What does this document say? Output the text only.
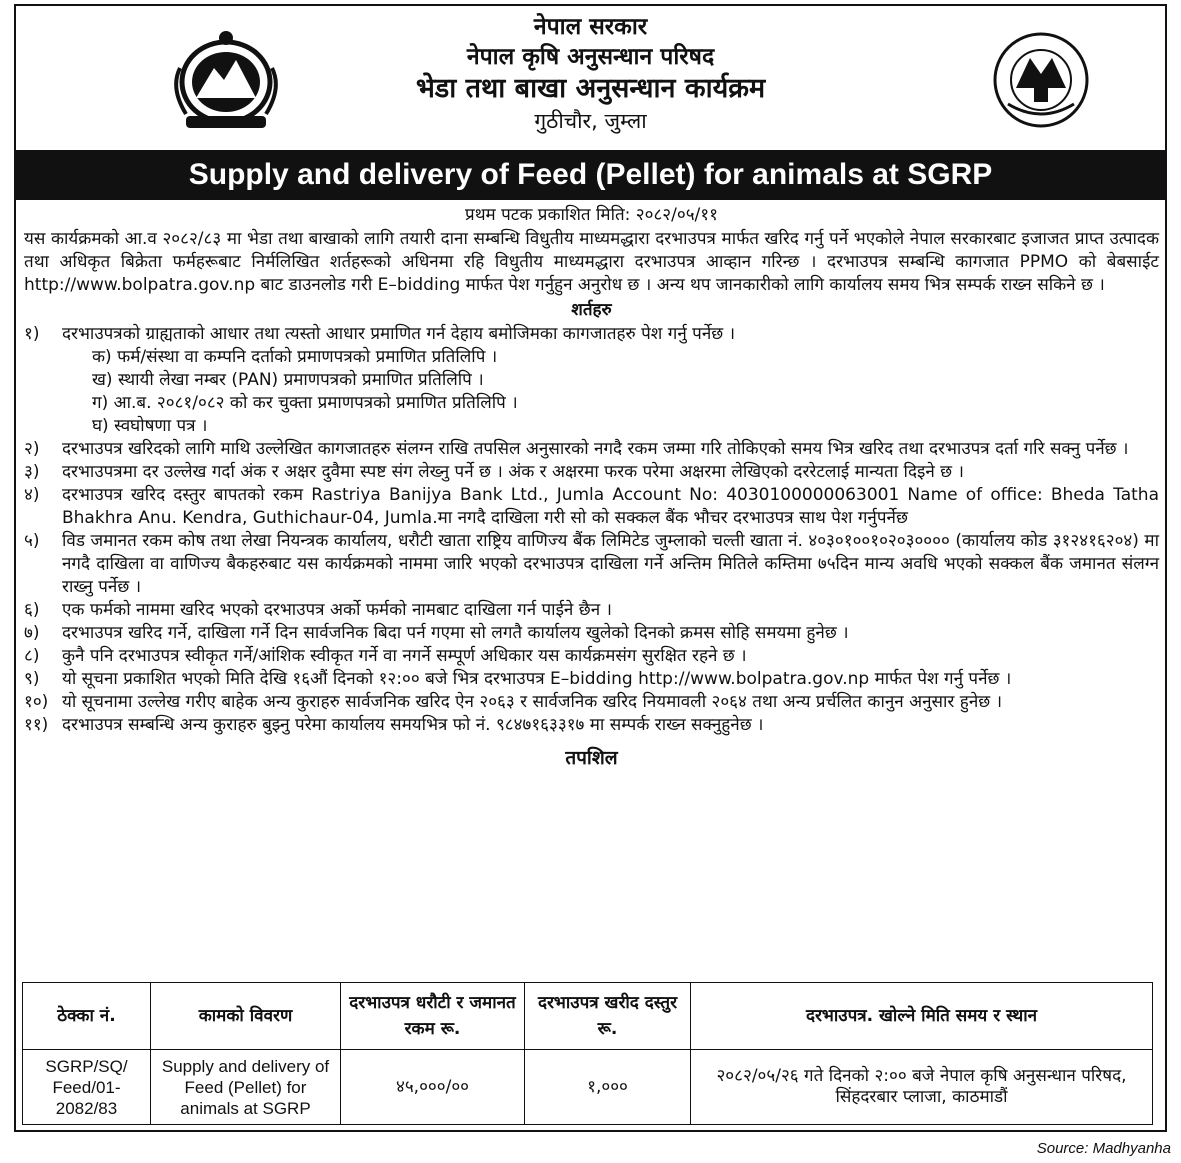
नेपाल सरकार
नेपाल कृषि अनुसन्धान परिषद
भेडा तथा बाखा अनुसन्धान कार्यक्रम
गुठीचौर, जुम्ला
Supply and delivery of Feed (Pellet) for animals at SGRP
प्रथम पटक प्रकाशित मिति: २०८२/०५/११
यस कार्यक्रमको आ.व २०८२/८३ मा भेडा तथा बाखाको लागि तयारी दाना सम्बन्धि विधुतीय माध्यमद्धारा दरभाउपत्र मार्फत खरिद गर्नु पर्ने भएकोले नेपाल सरकारबाट इजाजत प्राप्त उत्पादक तथा अधिकृत बिक्रेता फर्महरूबाट निर्मलिखित शर्तहरूको अधिनमा रहि विधुतीय माध्यमद्धारा दरभाउपत्र आव्हान गरिन्छ । दरभाउपत्र सम्बन्धि कागजात PPMO को बेबसाईट http://www.bolpatra.gov.np बाट डाउनलोड गरी E–bidding मार्फत पेश गर्नुहुन अनुरोध छ । अन्य थप जानकारीको लागि कार्यालय समय भित्र सम्पर्क राख्न सकिने छ ।
शर्तहरु
१)	दरभाउपत्रको ग्राह्यताको आधार तथा त्यस्तो आधार प्रमाणित गर्न देहाय बमोजिमका कागजातहरु पेश गर्नु पर्नेछ ।
क) फर्म/संस्था वा कम्पनि दर्ताको प्रमाणपत्रको प्रमाणित प्रतिलिपि ।
ख) स्थायी लेखा नम्बर (PAN) प्रमाणपत्रको प्रमाणित प्रतिलिपि ।
ग) आ.ब. २०८१/०८२ को कर चुक्ता प्रमाणपत्रको प्रमाणित प्रतिलिपि ।
घ) स्वघोषणा पत्र ।
२)	दरभाउपत्र खरिदको लागि माथि उल्लेखित कागजातहरु संलग्न राखि तपसिल अनुसारको नगदै रकम जम्मा गरि तोकिएको समय भित्र खरिद तथा दरभाउपत्र दर्ता गरि सक्नु पर्नेछ ।
३)	दरभाउपत्रमा दर उल्लेख गर्दा अंक र अक्षर दुवैमा स्पष्ट संग लेख्नु पर्ने छ । अंक र अक्षरमा फरक परेमा अक्षरमा लेखिएको दररेटलाई मान्यता दिइने छ ।
४)	दरभाउपत्र खरिद दस्तुर बापतको रकम Rastriya Banijya Bank Ltd., Jumla Account No: 4030100000063001 Name of office: Bheda Tatha Bhakhra Anu. Kendra, Guthichaur-04, Jumla.मा नगदै दाखिला गरी सो को सक्कल बैंक भौचर दरभाउपत्र साथ पेश गर्नुपर्नेछ
५)	विड जमानत रकम कोष तथा लेखा नियन्त्रक कार्यालय, धरौटी खाता राष्ट्रिय वाणिज्य बैंक लिमिटेड जुम्लाको चल्ती खाता नं. ४०३०१००१०२०३०००० (कार्यालय कोड ३१२४१६२०४) मा नगदै दाखिला वा वाणिज्य बैकहरुबाट यस कार्यक्रमको नाममा जारि भएको दरभाउपत्र दाखिला गर्ने अन्तिम मितिले कम्तिमा ७५दिन मान्य अवधि भएको सक्कल बैंक जमानत संलग्न राख्नु पर्नेछ ।
६)	एक फर्मको नाममा खरिद भएको दरभाउपत्र अर्को फर्मको नामबाट दाखिला गर्न पाईने छैन ।
७)	दरभाउपत्र खरिद गर्ने, दाखिला गर्ने दिन सार्वजनिक बिदा पर्न गएमा सो लगतै कार्यालय खुलेको दिनको क्रमस सोहि समयमा हुनेछ ।
८)	कुनै पनि दरभाउपत्र स्वीकृत गर्ने/आंशिक स्वीकृत गर्ने वा नगर्ने सम्पूर्ण अधिकार यस कार्यक्रमसंग सुरक्षित रहने छ ।
९)	यो सूचना प्रकाशित भएको मिति देखि १६औं दिनको १२:०० बजे भित्र दरभाउपत्र E–bidding http://www.bolpatra.gov.np मार्फत पेश गर्नु पर्नेछ ।
१०) यो सूचनामा उल्लेख गरीए बाहेक अन्य कुराहरु सार्वजनिक खरिद ऐन २०६३ र सार्वजनिक खरिद नियमावली २०६४ तथा अन्य प्रर्चलित कानुन अनुसार हुनेछ ।
११) दरभाउपत्र सम्बन्धि अन्य कुराहरु बुझ्नु परेमा कार्यालय समयभित्र फो नं. ९८४७१६३३१७ मा सम्पर्क राख्न सक्नुहुनेछ ।
तपशिल
ठेक्का नं.	कामको विवरण	दरभाउपत्र धरौटी र जमानत रकम रू.	दरभाउपत्र खरीद दस्तुर रू.	दरभाउपत्र. खोल्ने मिति समय र स्थान
SGRP/SQ/ Feed/01- 2082/83	Supply and delivery of Feed (Pellet) for animals at SGRP	४५,०००/००	१,०००	२०८२/०५/२६ गते दिनको २:०० बजे नेपाल कृषि अनुसन्धान परिषद, सिंहदरबार प्लाजा, काठमाडौं
Source: Madhyanha
